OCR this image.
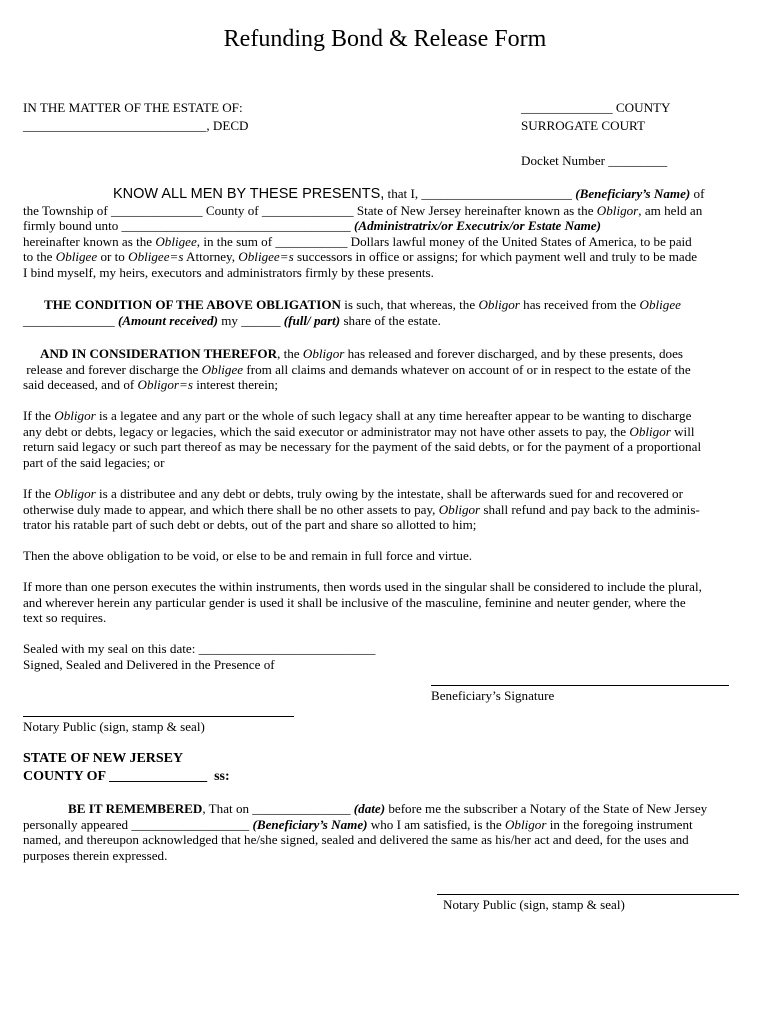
Refunding Bond & Release Form
IN THE MATTER OF THE ESTATE OF:
____________________________, DECD
______________ COUNTY
SURROGATE COURT
Docket Number _________
KNOW ALL MEN BY THESE PRESENTS, that I, _______________________ (Beneficiary’s Name) of
the Township of ______________ County of ______________ State of New Jersey hereinafter known as the Obligor, am held an
firmly bound unto ___________________________________ (Administratrix/or Executrix/or Estate Name)
hereinafter known as the Obligee, in the sum of ___________ Dollars lawful money of the United States of America, to be paid
to the Obligee or to Obligee=s Attorney, Obligee=s successors in office or assigns; for which payment well and truly to be made
I bind myself, my heirs, executors and administrators firmly by these presents.
THE CONDITION OF THE ABOVE OBLIGATION is such, that whereas, the Obligor has received from the Obligee
______________ (Amount received) my ______ (full/ part) share of the estate.
AND IN CONSIDERATION THEREFOR, the Obligor has released and forever discharged, and by these presents, does
release and forever discharge the Obligee from all claims and demands whatever on account of or in respect to the estate of the
said deceased, and of Obligor=s interest therein;
If the Obligor is a legatee and any part or the whole of such legacy shall at any time hereafter appear to be wanting to discharge
any debt or debts, legacy or legacies, which the said executor or administrator may not have other assets to pay, the Obligor will
return said legacy or such part thereof as may be necessary for the payment of the said debts, or for the payment of a proportional
part of the said legacies; or
If the Obligor is a distributee and any debt or debts, truly owing by the intestate, shall be afterwards sued for and recovered or
otherwise duly made to appear, and which there shall be no other assets to pay, Obligor shall refund and pay back to the adminis-
trator his ratable part of such debt or debts, out of the part and share so allotted to him;
Then the above obligation to be void, or else to be and remain in full force and virtue.
If more than one person executes the within instruments, then words used in the singular shall be considered to include the plural,
and wherever herein any particular gender is used it shall be inclusive of the masculine, feminine and neuter gender, where the
text so requires.
Sealed with my seal on this date: ___________________________
Signed, Sealed and Delivered in the Presence of
Beneficiary’s Signature
Notary Public (sign, stamp & seal)
STATE OF NEW JERSEY
COUNTY OF ______________  ss:
BE IT REMEMBERED, That on _______________ (date) before me the subscriber a Notary of the State of New Jersey
personally appeared __________________ (Beneficiary’s Name) who I am satisfied, is the Obligor in the foregoing instrument
named, and thereupon acknowledged that he/she signed, sealed and delivered the same as his/her act and deed, for the uses and
purposes therein expressed.
Notary Public (sign, stamp & seal)
